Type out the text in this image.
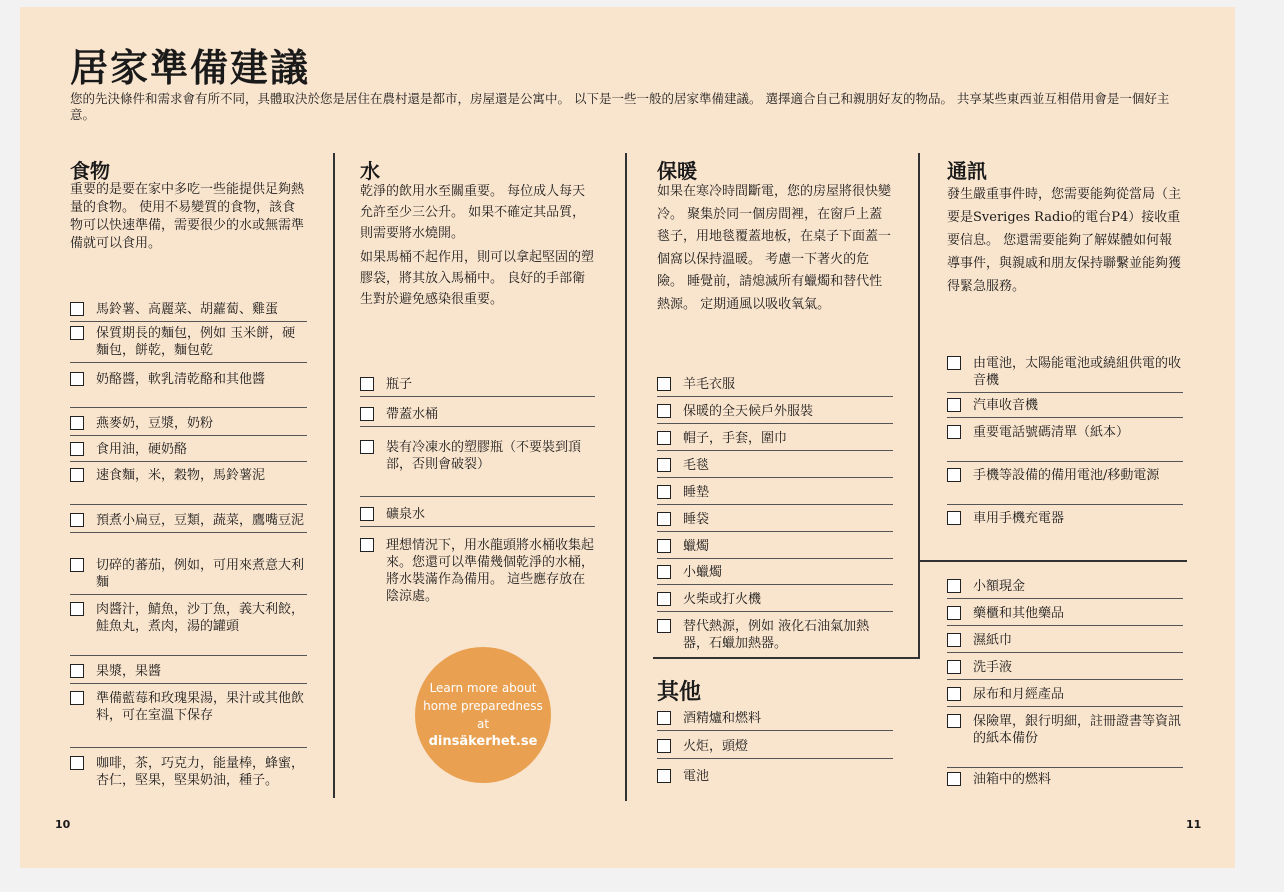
居家準備建議
您的先決條件和需求會有所不同，具體取決於您是居住在農村還是都市，房屋還是公寓中。 以下是一些一般的居家準備建議。 選擇適合自己和親朋好友的物品。 共享某些東西並互相借用會是一個好主意。
食物
重要的是要在家中多吃一些能提供足夠熱量的食物。 使用不易變質的食物，該食物可以快速準備，需要很少的水或無需準備就可以食用。
馬鈴薯、高麗菜、胡蘿蔔、雞蛋
保質期長的麵包，例如 玉米餅，硬麵包，餅乾，麵包乾
奶酪醬，軟乳清乾酪和其他醬
燕麥奶，豆漿，奶粉
食用油，硬奶酪
速食麵，米，穀物，馬鈴薯泥
預煮小扁豆，豆類，蔬菜，鷹嘴豆泥
切碎的蕃茄，例如，可用來煮意大利麵
肉醬汁，鯖魚，沙丁魚，義大利餃，鮭魚丸，煮肉，湯的罐頭
果漿，果醬
準備藍莓和玫瑰果湯，果汁或其他飲料，可在室溫下保存
咖啡，茶，巧克力，能量棒，蜂蜜，杏仁，堅果，堅果奶油，種子。
水
乾淨的飲用水至關重要。 每位成人每天允許至少三公升。 如果不確定其品質，則需要將水燒開。
如果馬桶不起作用，則可以拿起堅固的塑膠袋，將其放入馬桶中。 良好的手部衛生對於避免感染很重要。
瓶子
帶蓋水桶
裝有冷凍水的塑膠瓶（不要裝到頂部，否則會破裂）
礦泉水
理想情況下，用水龍頭將水桶收集起來。您還可以準備幾個乾淨的水桶，將水裝滿作為備用。 這些應存放在陰涼處。
Learn more about
home preparedness
at
dinsäkerhet.se
保暖
如果在寒冷時間斷電，您的房屋將很快變冷。 聚集於同一個房間裡，在窗戶上蓋毯子，用地毯覆蓋地板，在桌子下面蓋一個窩以保持溫暖。 考慮一下著火的危險。 睡覺前，請熄滅所有蠟燭和替代性熱源。 定期通風以吸收氧氣。
羊毛衣服
保暖的全天候戶外服裝
帽子，手套，圍巾
毛毯
睡墊
睡袋
蠟燭
小蠟燭
火柴或打火機
替代熱源，例如 液化石油氣加熱器，石蠟加熱器。
其他
酒精爐和燃料
火炬，頭燈
電池
通訊
發生嚴重事件時，您需要能夠從當局（主要是Sveriges Radio的電台P4）接收重要信息。 您還需要能夠了解媒體如何報導事件，與親戚和朋友保持聯繫並能夠獲得緊急服務。
由電池，太陽能電池或繞組供電的收音機
汽車收音機
重要電話號碼清單（紙本）
手機等設備的備用電池/移動電源
車用手機充電器
小額現金
藥櫃和其他藥品
濕紙巾
洗手液
尿布和月經產品
保險單，銀行明細，註冊證書等資訊的紙本備份
油箱中的燃料
10	11
